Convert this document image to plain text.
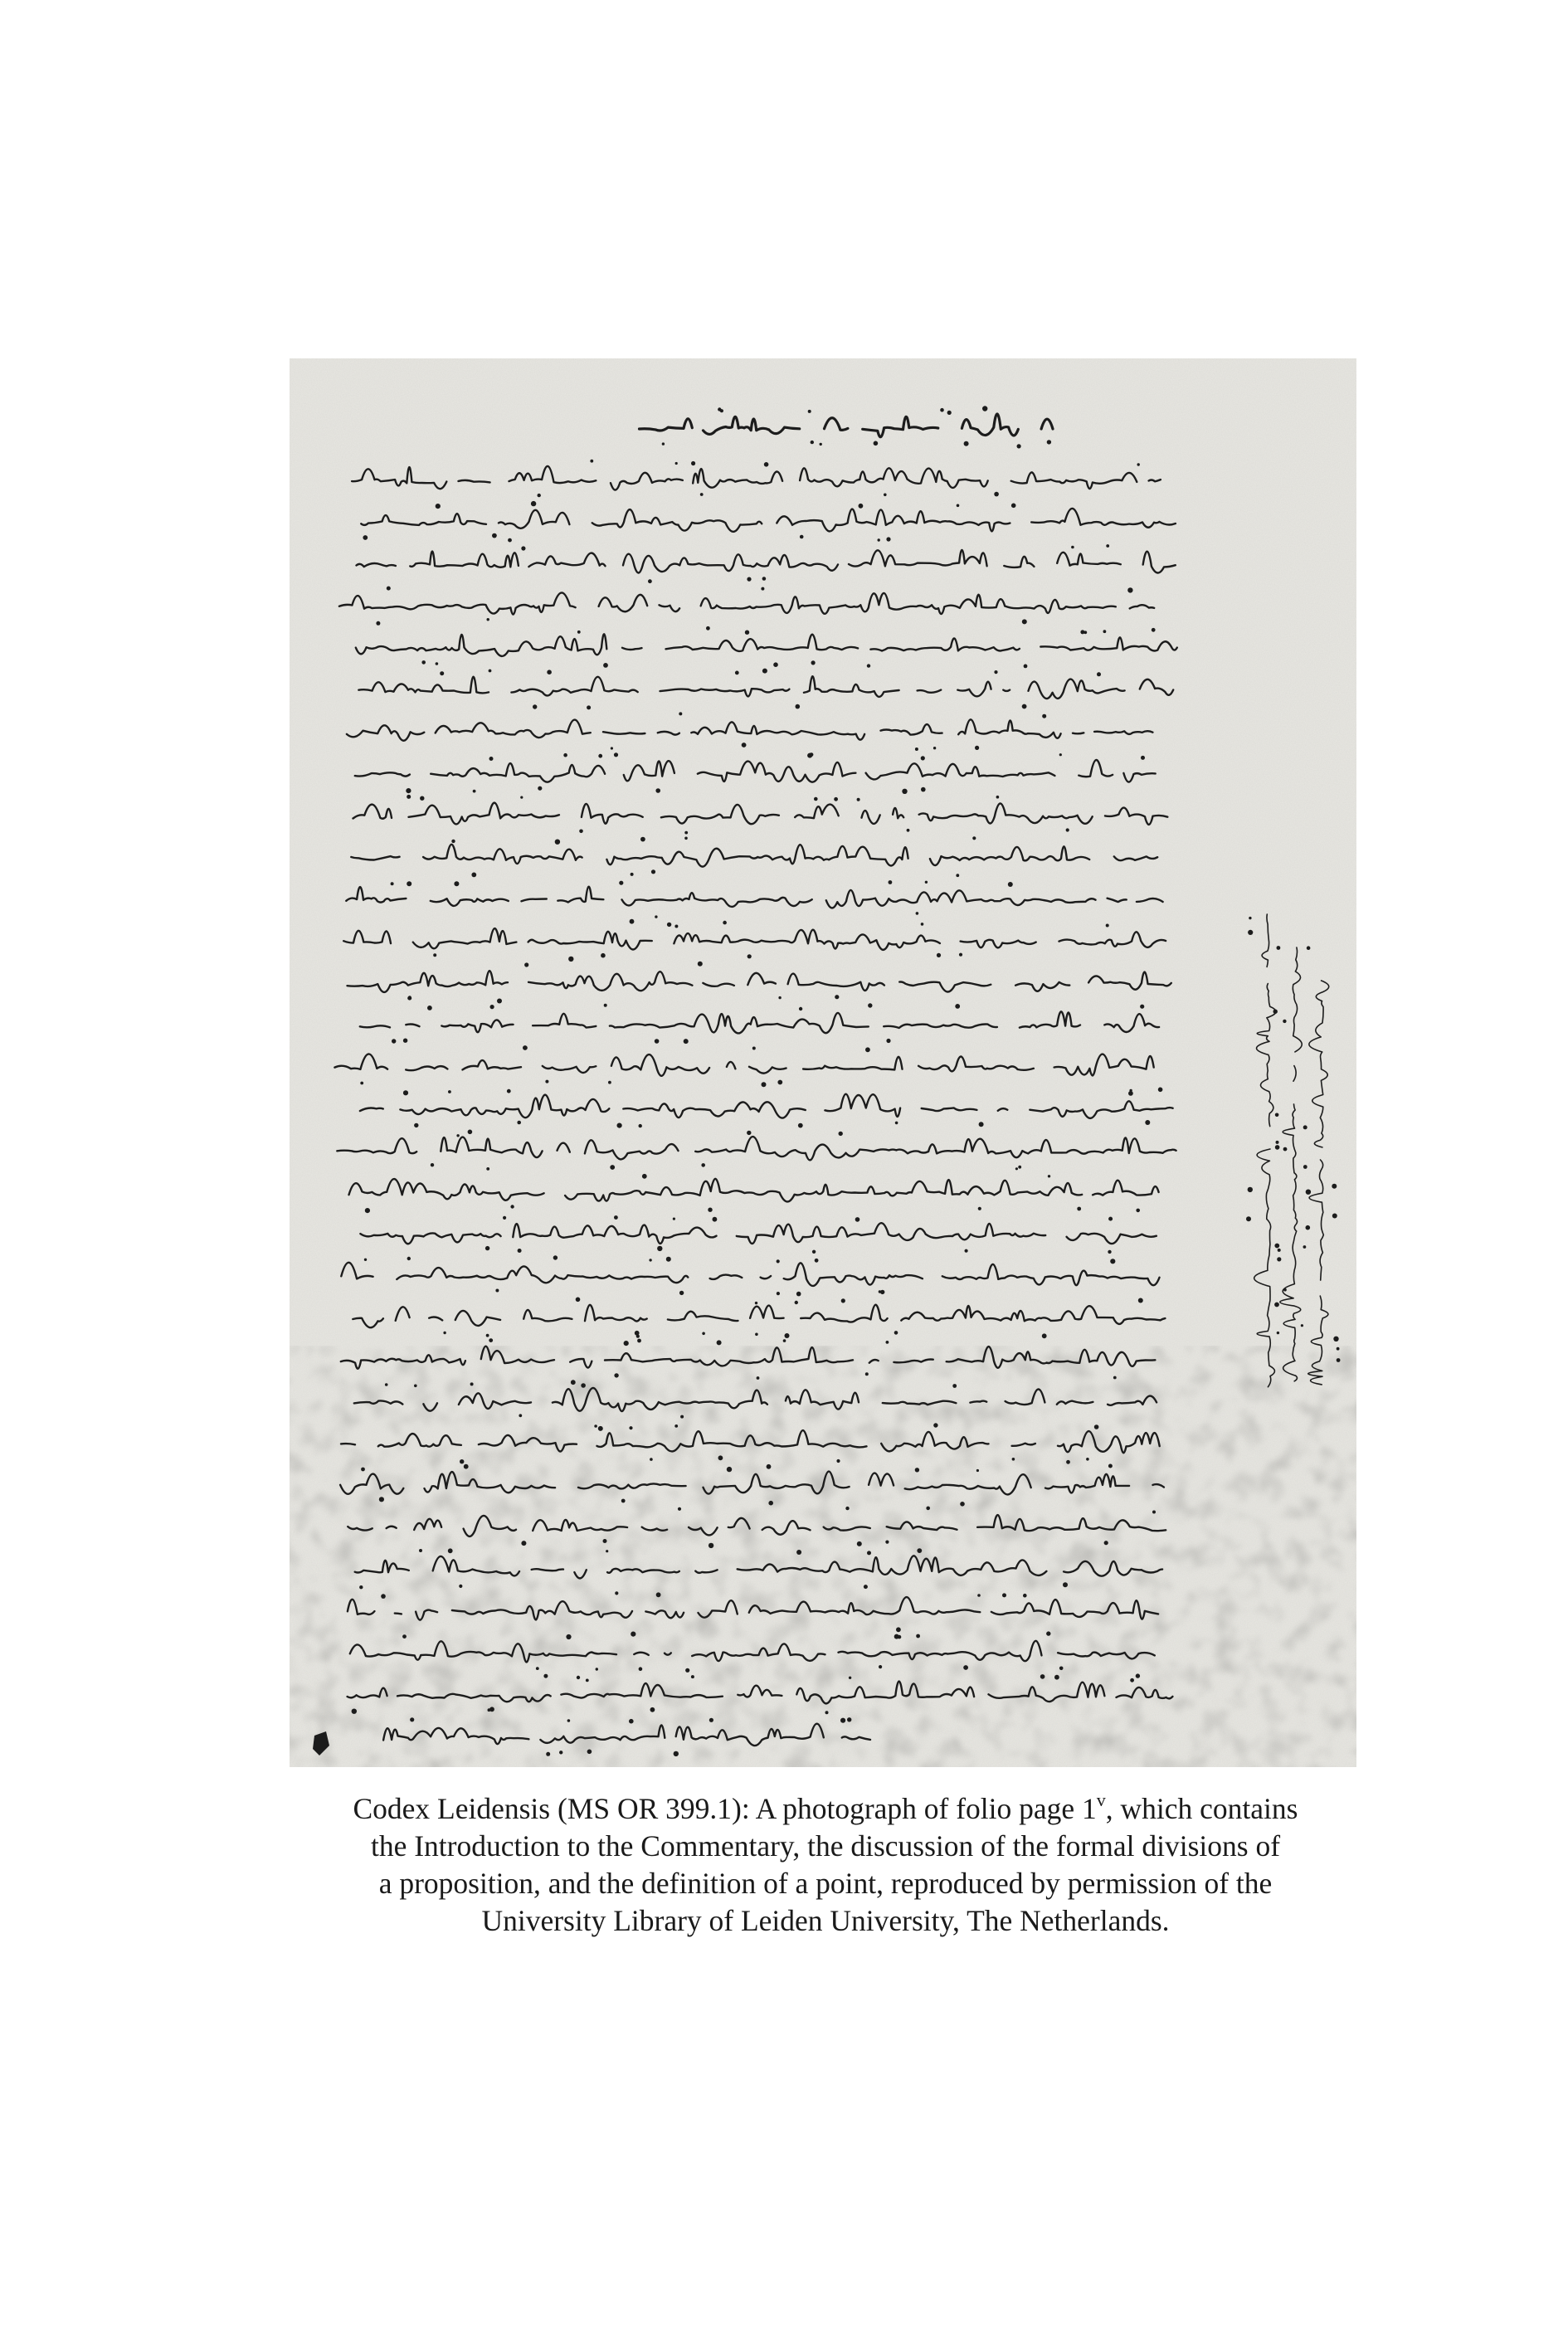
Codex Leidensis (MS OR 399.1): A photograph of folio page 1$^v$, which contains
the Introduction to the Commentary, the discussion of the formal divisions of
a proposition, and the definition of a point, reproduced by permission of the
University Library of Leiden University, The Netherlands.
